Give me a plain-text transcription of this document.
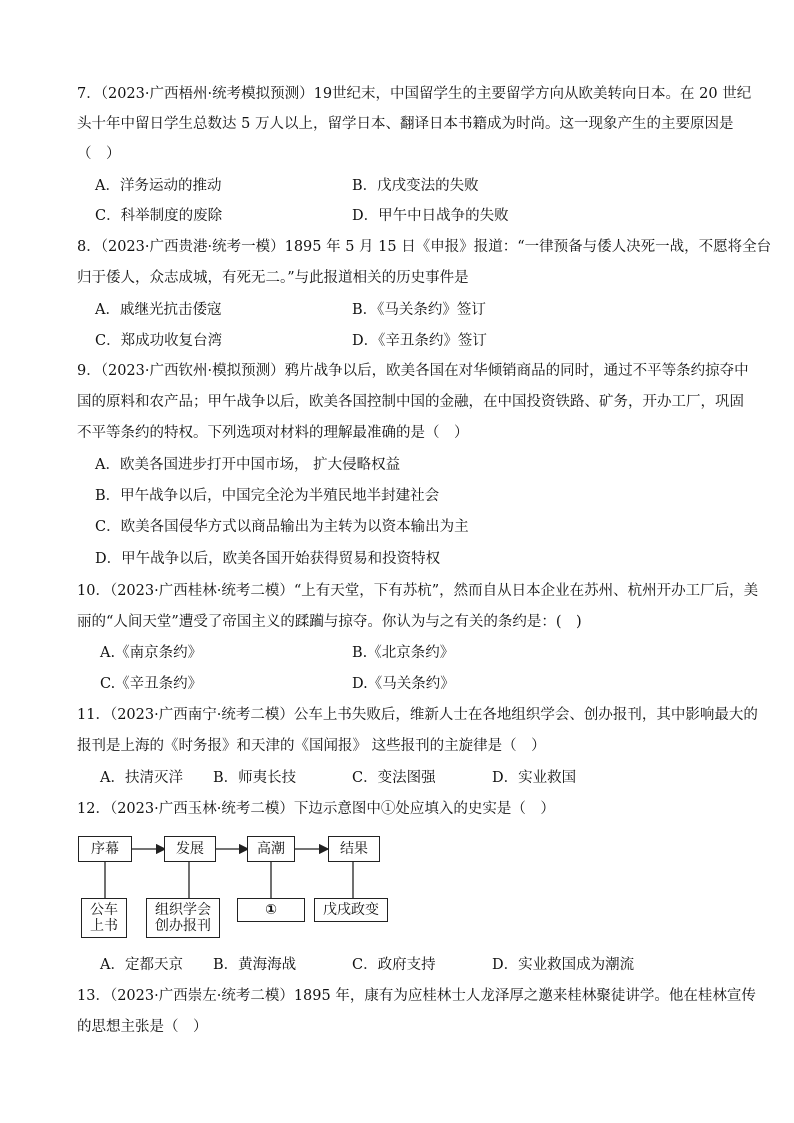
7．（2023·广西梧州·统考模拟预测）19世纪末，中国留学生的主要留学方向从欧美转向日本。在 20 世纪
头十年中留日学生总数达 5 万人以上，留学日本、翻译日本书籍成为时尚。这一现象产生的主要原因是
（　）
A．洋务运动的推动	B．戊戌变法的失败
C．科举制度的废除	D．甲午中日战争的失败
8．（2023·广西贵港·统考一模）1895 年 5 月 15 日《申报》报道：“一律预备与倭人决死一战，不愿将全台
归于倭人，众志成城，有死无二。”与此报道相关的历史事件是
A．戚继光抗击倭寇	B．《马关条约》签订
C．郑成功收复台湾	D．《辛丑条约》签订
9．（2023·广西钦州·模拟预测）鸦片战争以后，欧美各国在对华倾销商品的同时，通过不平等条约掠夺中
国的原料和农产品；甲午战争以后，欧美各国控制中国的金融，在中国投资铁路、矿务，开办工厂，巩固
不平等条约的特权。下列选项对材料的理解最准确的是（　）
A．欧美各国进步打开中国市场， 扩大侵略权益
B．甲午战争以后，中国完全沦为半殖民地半封建社会
C．欧美各国侵华方式以商品输出为主转为以资本输出为主
D．甲午战争以后，欧美各国开始获得贸易和投资特权
10．（2023·广西桂林·统考二模）“上有天堂，下有苏杭”，然而自从日本企业在苏州、杭州开办工厂后，美
丽的“人间天堂”遭受了帝国主义的蹂躏与掠夺。你认为与之有关的条约是：(　)
A.《南京条约》	B.《北京条约》
C.《辛丑条约》	D.《马关条约》
11．（2023·广西南宁·统考二模）公车上书失败后，维新人士在各地组织学会、创办报刊，其中影响最大的
报刊是上海的《时务报》和天津的《国闻报》 这些报刊的主旋律是（　）
A．扶清灭洋 B．师夷长技	C．变法图强	D．实业救国
12．（2023·广西玉林·统考二模）下边示意图中①处应填入的史实是（　）
序幕	发展	高潮	结果
公车
上书
组织学会
创办报刊
①	戊戌政变
A．定都天京 B．黄海海战	C．政府支持	D．实业救国成为潮流
13．（2023·广西崇左·统考二模）1895 年，康有为应桂林士人龙泽厚之邀来桂林聚徒讲学。他在桂林宣传
的思想主张是（　）
